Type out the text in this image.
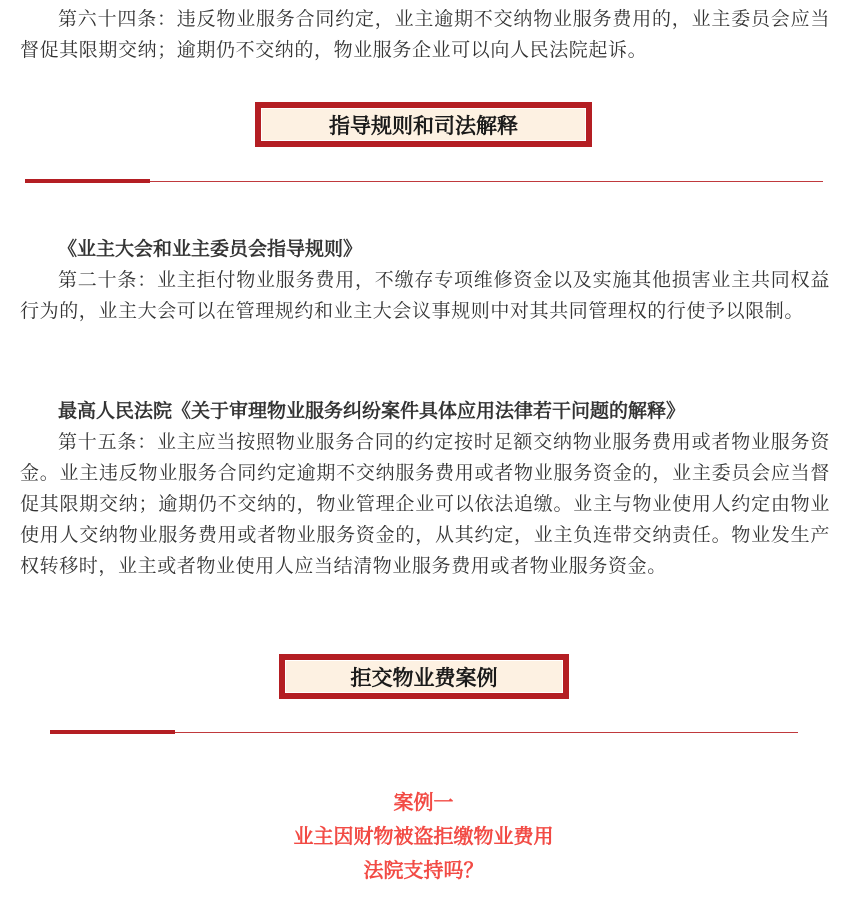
第六十四条：违反物业服务合同约定，业主逾期不交纳物业服务费用的，业主委员会应当督促其限期交纳；逾期仍不交纳的，物业服务企业可以向人民法院起诉。

指导规则和司法解释

《业主大会和业主委员会指导规则》

第二十条：业主拒付物业服务费用，不缴存专项维修资金以及实施其他损害业主共同权益行为的，业主大会可以在管理规约和业主大会议事规则中对其共同管理权的行使予以限制。

最高人民法院《关于审理物业服务纠纷案件具体应用法律若干问题的解释》

第十五条：业主应当按照物业服务合同的约定按时足额交纳物业服务费用或者物业服务资金。业主违反物业服务合同约定逾期不交纳服务费用或者物业服务资金的，业主委员会应当督促其限期交纳；逾期仍不交纳的，物业管理企业可以依法追缴。业主与物业使用人约定由物业使用人交纳物业服务费用或者物业服务资金的，从其约定，业主负连带交纳责任。物业发生产权转移时，业主或者物业使用人应当结清物业服务费用或者物业服务资金。

拒交物业费案例
案例一
业主因财物被盗拒缴物业费用
法院支持吗？
